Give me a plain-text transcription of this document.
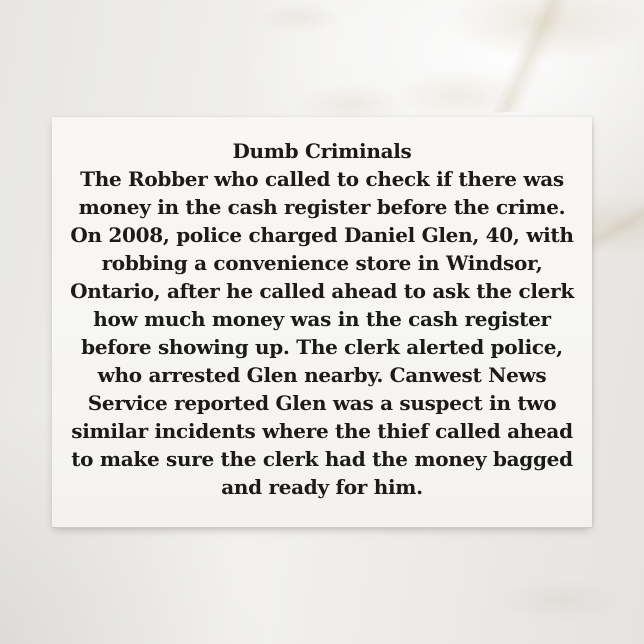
Dumb Criminals
The Robber who called to check if there was
money in the cash register before the crime.
On 2008, police charged Daniel Glen, 40, with
robbing a convenience store in Windsor,
Ontario, after he called ahead to ask the clerk
how much money was in the cash register
before showing up. The clerk alerted police,
who arrested Glen nearby. Canwest News
Service reported Glen was a suspect in two
similar incidents where the thief called ahead
to make sure the clerk had the money bagged
and ready for him.
